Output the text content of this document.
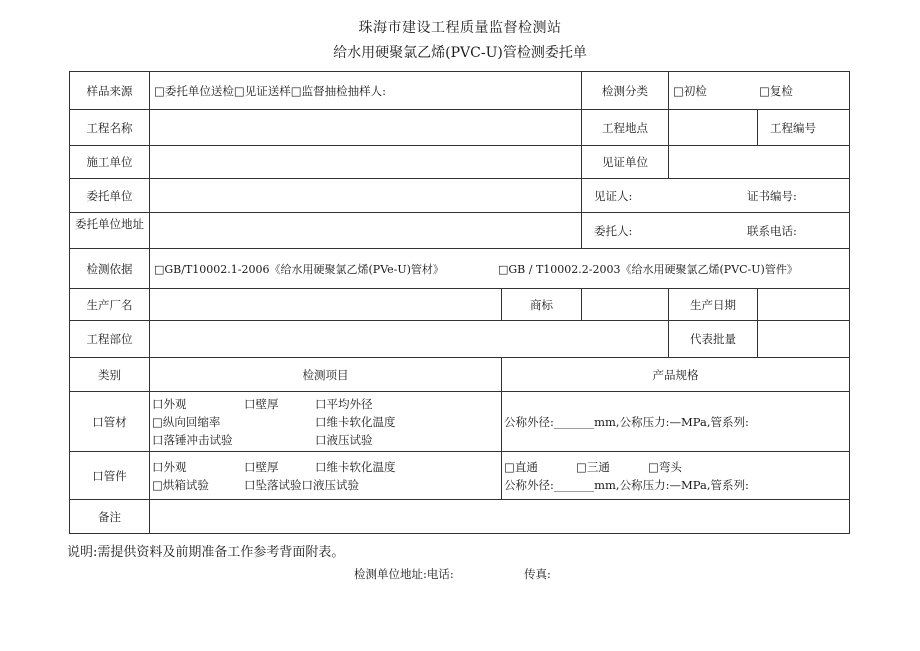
珠海市建设工程质量监督检测站
给水用硬聚氯乙烯(PVC-U)管检测委托单
样品来源	□委托单位送检□见证送样□监督抽检抽样人:		检测分类	□初检 □复检
工程名称			工程地点	工程编号

施工单位			见证单位	
委托单位			见证人: 证书编号:	
委托单位地址			委托人: 联系电话:	
检测依据	□GB/T10002.1-2006《给水用硬聚氯乙烯(PVe-U)管材》 □GB / T10002.2-2003《给水用硬聚氯乙烯(PVC-U)管件》			
生产厂名		商标		生产日期

工程部位				代表批量

类别	检测项目	产品规格		
口管材	口外观 口壁厚 口平均外径
□纵向回缩率 口维卡软化温度
口落锤冲击试验 口液压试验	公称外径:_______mm,公称压力:—MPa,管系列:		
口管件	口外观 口壁厚 口维卡软化温度
□烘箱试验 口坠落试验口液压试验	□直通 □三通 □弯头
公称外径:_______mm,公称压力:—MPa,管系列:		

备注				
说明:需提供资料及前期准备工作参考背面附表。
检测单位地址:电话:	传真:
